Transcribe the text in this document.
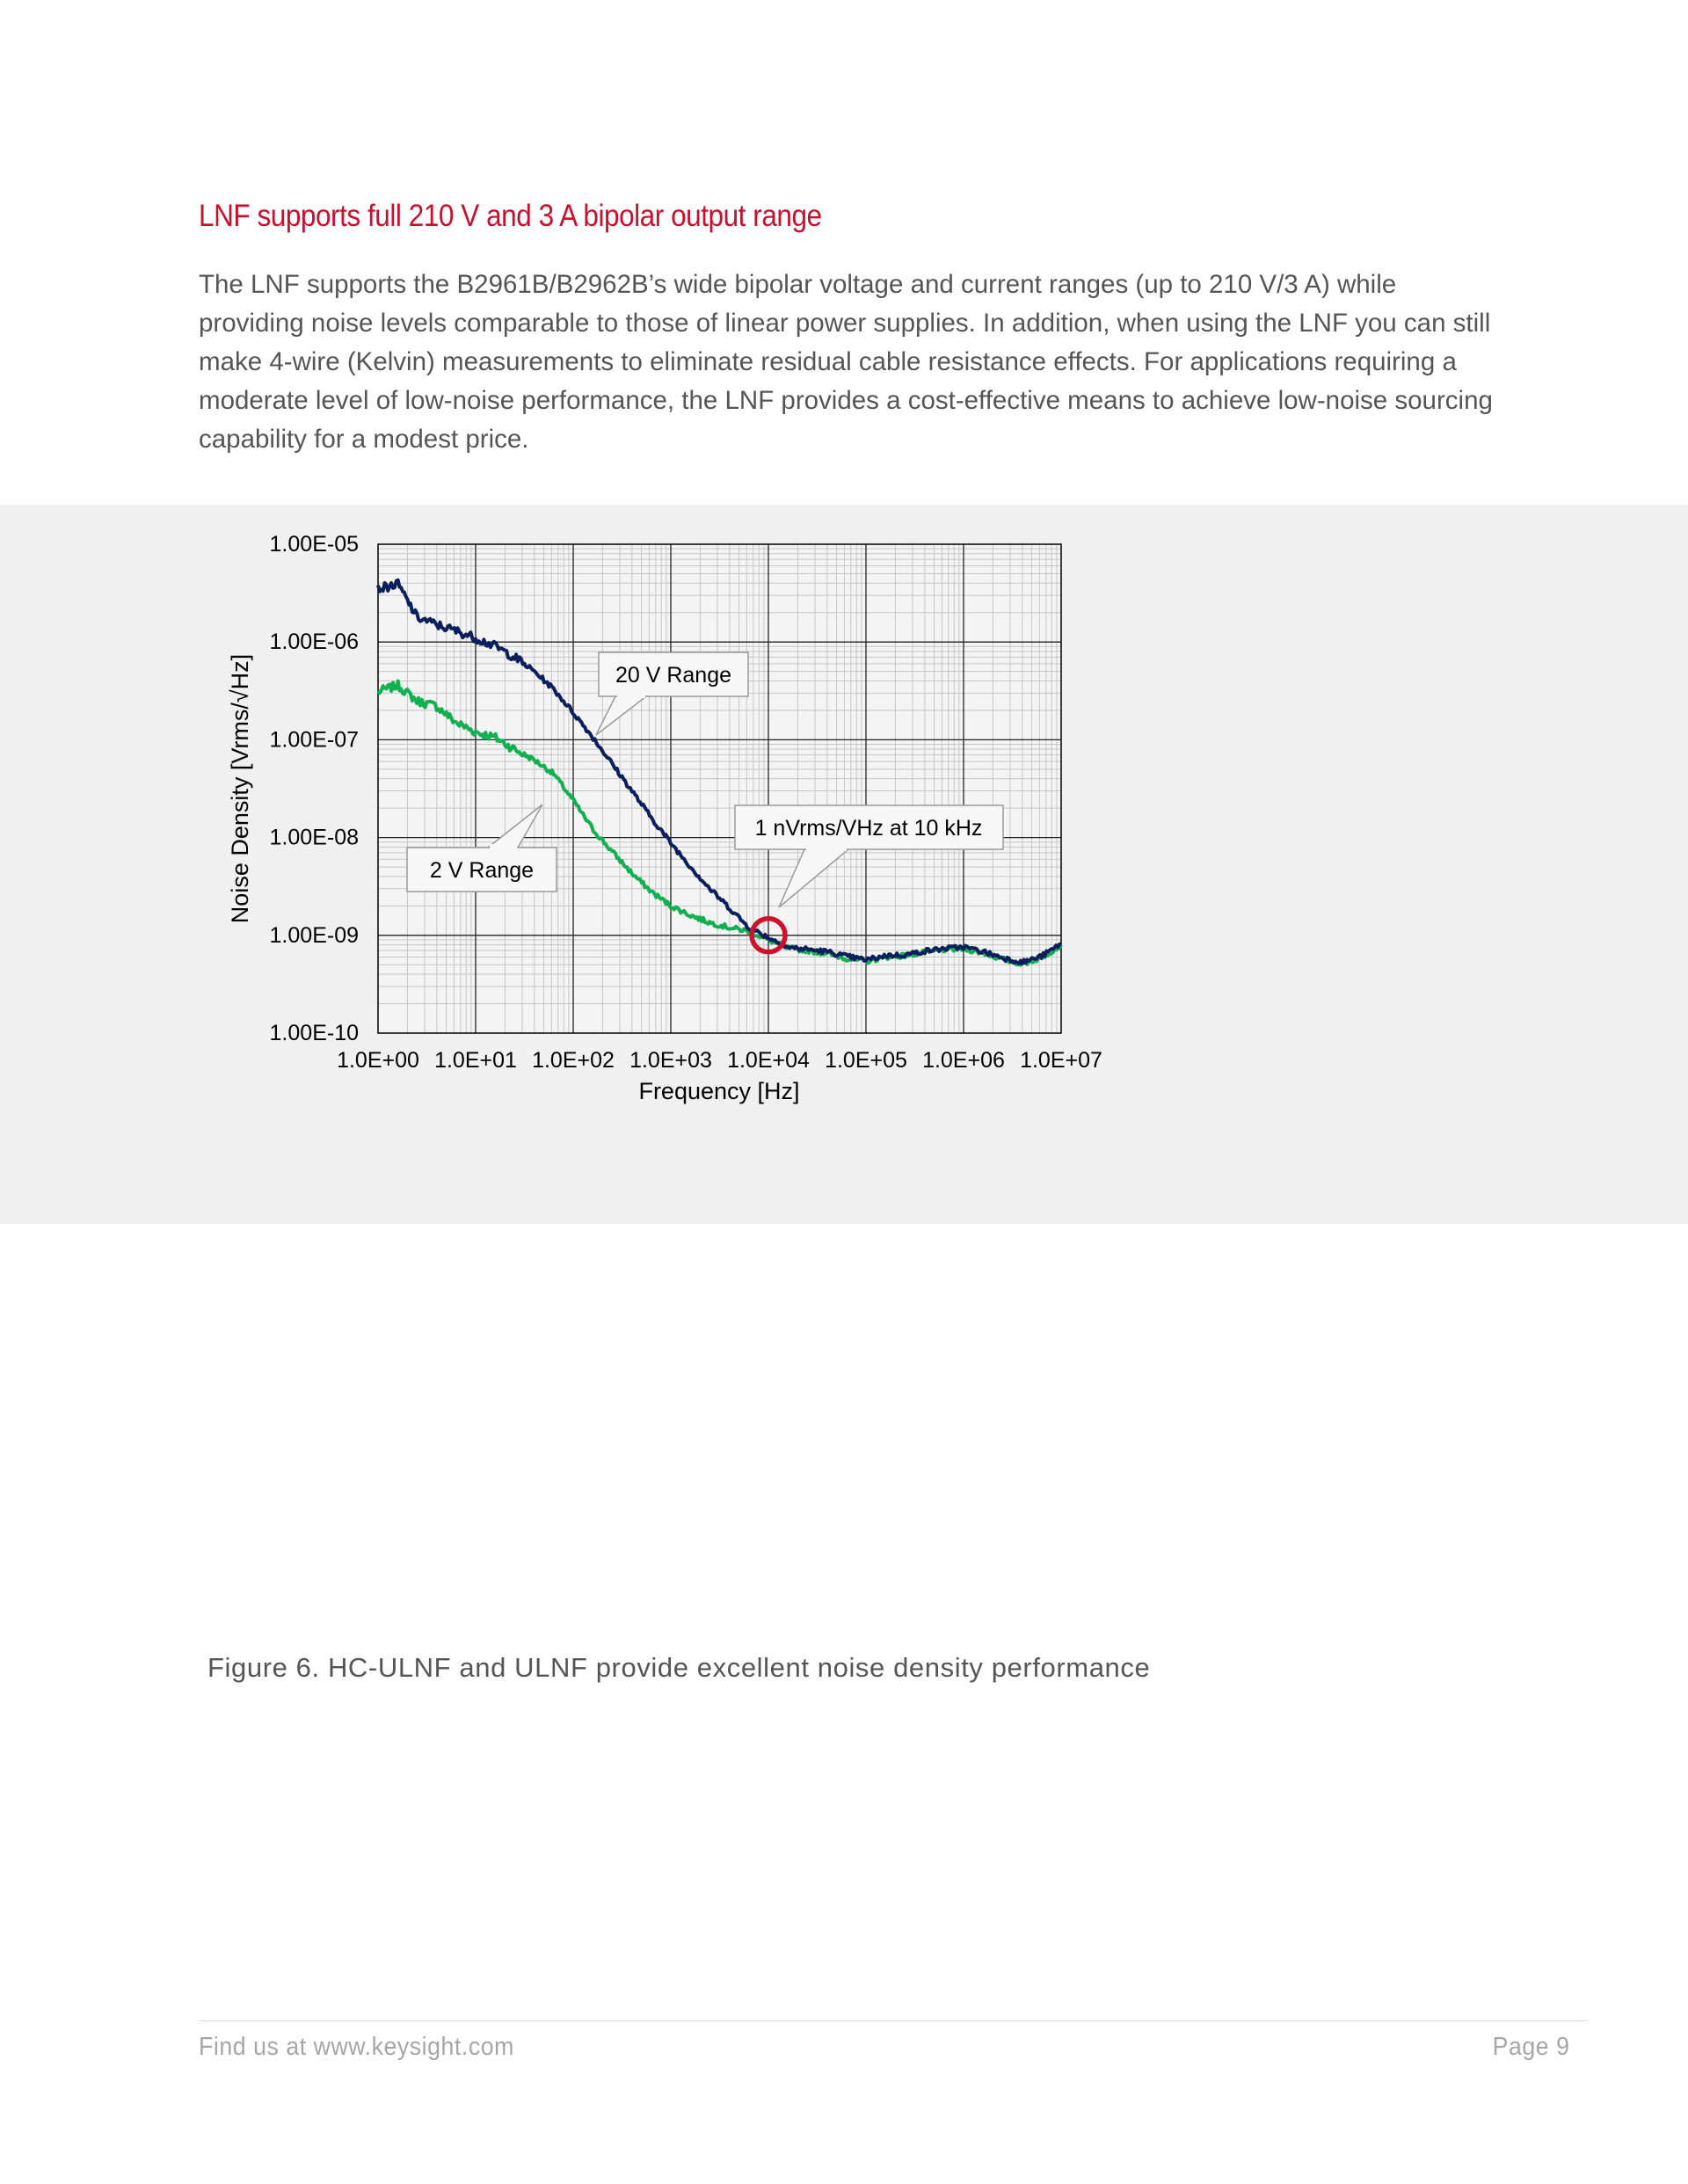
LNF supports full 210 V and 3 A bipolar output range

The LNF supports the B2961B/B2962B’s wide bipolar voltage and current ranges (up to 210 V/3 A) while providing noise levels comparable to those of linear power supplies. In addition, when using the LNF you can still make 4-wire (Kelvin) measurements to eliminate residual cable resistance effects. For applications requiring a moderate level of low-noise performance, the LNF provides a cost-effective means to achieve low-noise sourcing capability for a modest price.

20 V Range
2 V Range
1 nVrms/VHz at 10 kHz
1.0E+00 1.0E+01 1.0E+02 1.0E+03 1.0E+04 1.0E+05 1.0E+06 1.0E+07
1.00E-05
1.00E-06
1.00E-07
1.00E-08
1.00E-09
1.00E-10
Frequency [Hz]
Noise Density [Vrms/√Hz]

Figure 6. HC-ULNF and ULNF provide excellent noise density performance

Find us at www.keysight.com	Page 9
